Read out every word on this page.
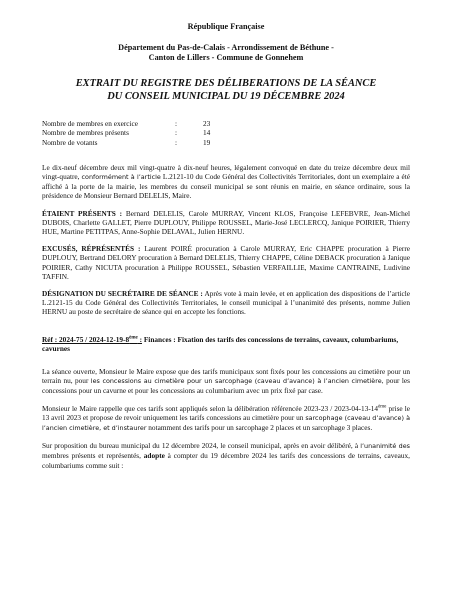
République Française
Département du Pas-de-Calais - Arrondissement de Béthune -
Canton de Lillers - Commune de Gonnehem
EXTRAIT DU REGISTRE DES DÉLIBERATIONS DE LA SÉANCE
DU CONSEIL MUNICIPAL DU 19 DÉCEMBRE 2024
Nombre de membres en exercice	:	23
Nombre de membres présents	:	14
Nombre de votants	:	19

Le dix-neuf décembre deux mil vingt-quatre à dix-neuf heures, légalement convoqué en date du treize décembre deux mil vingt-quatre, conformément à l’article L.2121-10 du Code Général des Collectivités Territoriales, dont un exemplaire a été affiché à la porte de la mairie, les membres du conseil municipal se sont réunis en mairie, en séance ordinaire, sous la présidence de Monsieur Bernard DELELIS, Maire.

ÉTAIENT PRÉSENTS : Bernard DELELIS, Carole MURRAY, Vincent KLOS, Françoise LEFEBVRE, Jean-Michel DUBOIS, Charlette GALLET, Pierre DUPLOUY, Philippe ROUSSEL, Marie-José LECLERCQ, Janique POIRIER, Thierry HUE, Martine PETITPAS, Anne-Sophie DELAVAL, Julien HERNU.

EXCUSÉS, RÉPRÉSENTÉS : Laurent POIRÉ procuration à Carole MURRAY, Eric CHAPPE procuration à Pierre DUPLOUY, Bertrand DELORY procuration à Bernard DELELIS, Thierry CHAPPE, Céline DEBACK procuration à Janique POIRIER, Cathy NICUTA procuration à Philippe ROUSSEL, Sébastien VERFAILLIE, Maxime CANTRAINE, Ludivine TAFFIN.

DÉSIGNATION DU SECRÉTAIRE DE SÉANCE : Après vote à main levée, et en application des dispositions de l’article L.2121-15 du Code Général des Collectivités Territoriales, le conseil municipal à l’unanimité des présents, nomme Julien HERNU au poste de secrétaire de séance qui en accepte les fonctions.

Réf : 2024-75 / 2024-12-19-8ème : Finances : Fixation des tarifs des concessions de terrains, caveaux, columbariums, cavurnes

La séance ouverte, Monsieur le Maire expose que des tarifs municipaux sont fixés pour les concessions au cimetière pour un terrain nu, pour les concessions au cimetière pour un sarcophage (caveau d’avance) à l’ancien cimetière, pour les concessions pour un cavurne et pour les concessions au columbarium avec un prix fixé par case.

Monsieur le Maire rappelle que ces tarifs sont appliqués selon la délibération référencée 2023-23 / 2023-04-13-14ème prise le 13 avril 2023 et propose de revoir uniquement les tarifs concessions au cimetière pour un sarcophage (caveau d’avance) à l’ancien cimetière, et d’instaurer notamment des tarifs pour un sarcophage 2 places et un sarcophage 3 places.

Sur proposition du bureau municipal du 12 décembre 2024, le conseil municipal, après en avoir délibéré, à l’unanimité des membres présents et représentés, adopte à compter du 19 décembre 2024 les tarifs des concessions de terrains, caveaux, columbariums comme suit :
